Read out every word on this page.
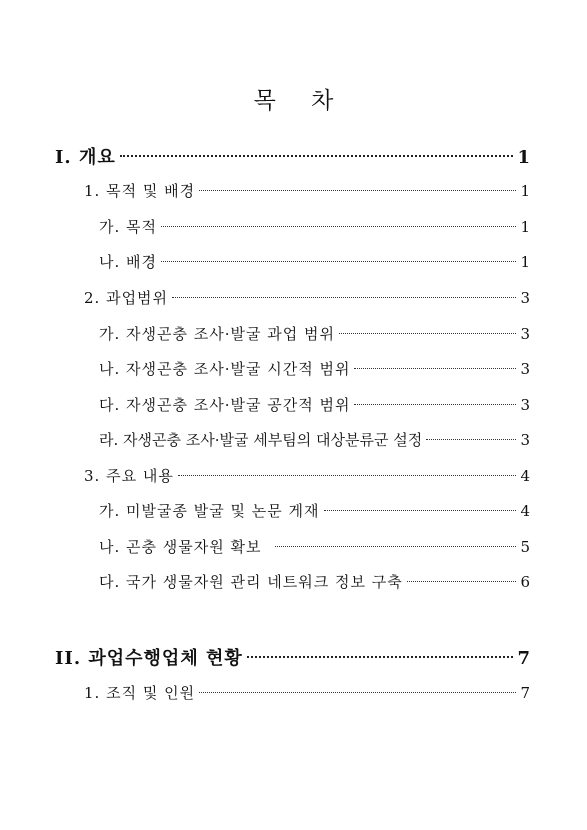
목 차
I. 개요	1
1. 목적 및 배경	1
가. 목적	1
나. 배경	1
2. 과업범위	3
가. 자생곤충 조사·발굴 과업 범위	3
나. 자생곤충 조사·발굴 시간적 범위	3
다. 자생곤충 조사·발굴 공간적 범위	3
라. 자생곤충 조사·발굴 세부팀의 대상분류군 설정	3
3. 주요 내용	4
가. 미발굴종 발굴 및 논문 게재	4
나. 곤충 생물자원 확보	5
다. 국가 생물자원 관리 네트워크 정보 구축	6
II. 과업수행업체 현황	7
1. 조직 및 인원	7
